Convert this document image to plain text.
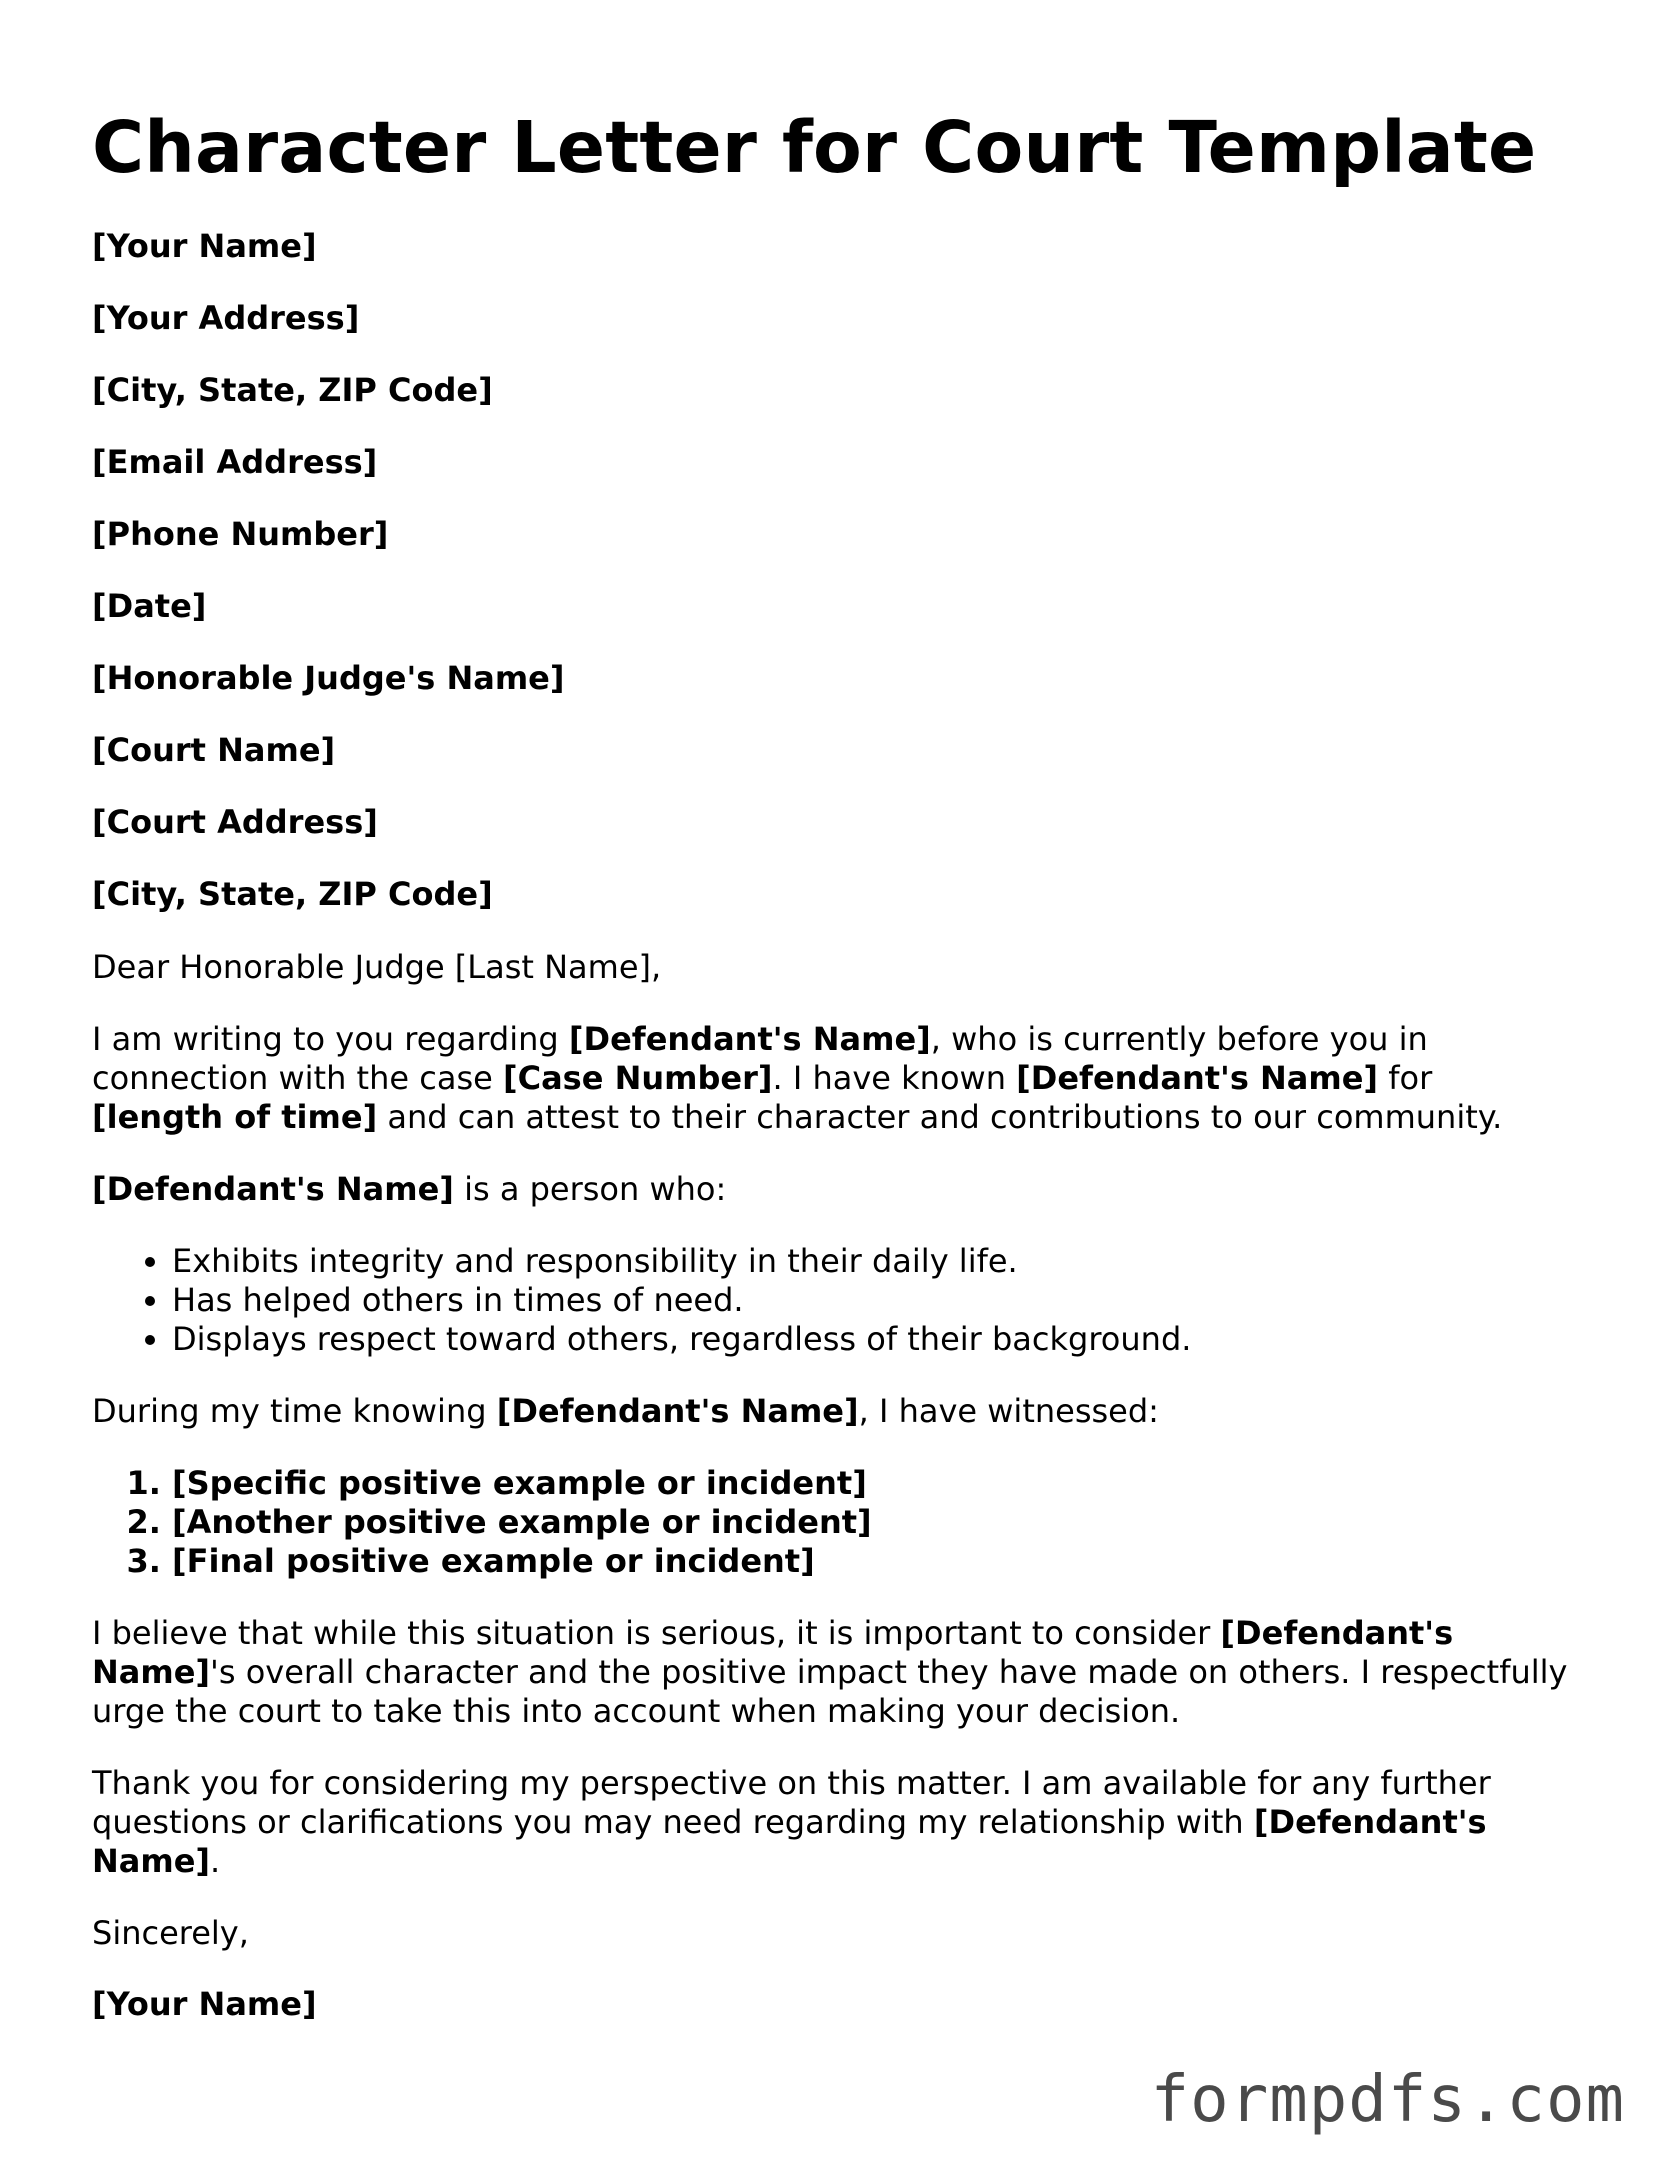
Character Letter for Court Template
[Your Name]
[Your Address]
[City, State, ZIP Code]
[Email Address]
[Phone Number]
[Date]
[Honorable Judge's Name]
[Court Name]
[Court Address]
[City, State, ZIP Code]

Dear Honorable Judge [Last Name],

I am writing to you regarding [Defendant's Name], who is currently before you in connection with the case [Case Number]. I have known [Defendant's Name] for [length of time] and can attest to their character and contributions to our community.

[Defendant's Name] is a person who:

• Exhibits integrity and responsibility in their daily life.
• Has helped others in times of need.
• Displays respect toward others, regardless of their background.

During my time knowing [Defendant's Name], I have witnessed:

1. [Specific positive example or incident]
2. [Another positive example or incident]
3. [Final positive example or incident]

I believe that while this situation is serious, it is important to consider [Defendant's Name]'s overall character and the positive impact they have made on others. I respectfully urge the court to take this into account when making your decision.

Thank you for considering my perspective on this matter. I am available for any further questions or clarifications you may need regarding my relationship with [Defendant's Name].

Sincerely,

[Your Name]
formpdfs.com
